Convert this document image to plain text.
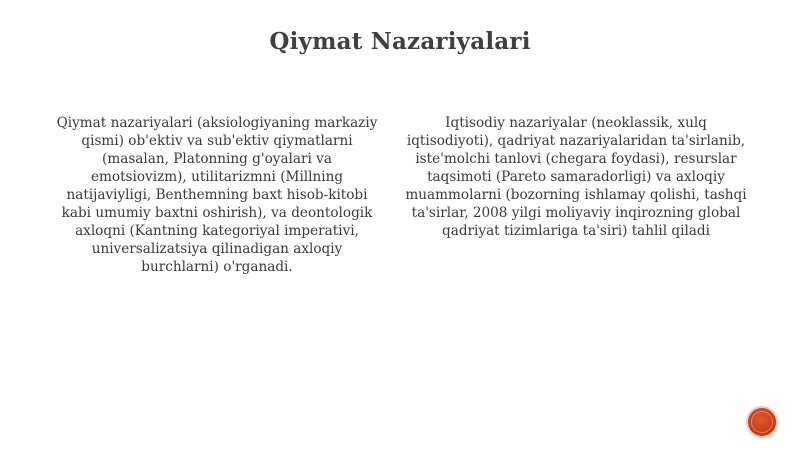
Qiymat Nazariyalari
Qiymat nazariyalari (aksiologiyaning markaziy qismi) ob'ektiv va sub'ektiv qiymatlarni (masalan, Platonning g'oyalari va emotsiovizm), utilitarizmni (Millning natijaviyligi, Benthemning baxt hisob-kitobi kabi umumiy baxtni oshirish), va deontologik axloqni (Kantning kategoriyal imperativi, universalizatsiya qilinadigan axloqiy burchlarni) o'rganadi.
Iqtisodiy nazariyalar (neoklassik, xulq iqtisodiyoti), qadriyat nazariyalaridan ta'sirlanib, iste'molchi tanlovi (chegara foydasi), resurslar taqsimoti (Pareto samaradorligi) va axloqiy muammolarni (bozorning ishlamay qolishi, tashqi ta'sirlar, 2008 yilgi moliyaviy inqirozning global qadriyat tizimlariga ta'siri) tahlil qiladi
